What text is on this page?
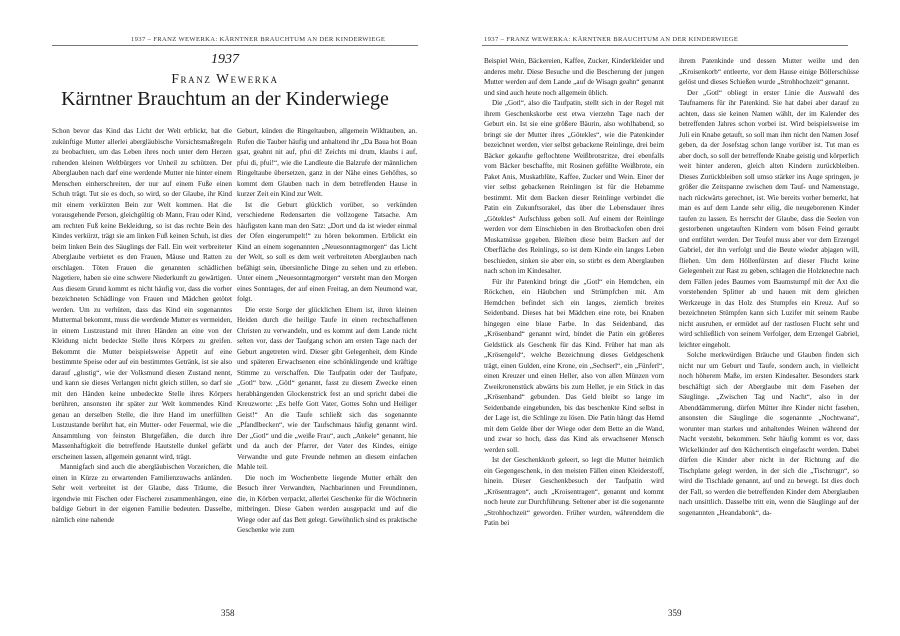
1937 – FRANZ WEWERKA: KÄRNTNER BRAUCHTUM AN DER KINDERWIEGE
1937
Franz Wewerka
Kärntner Brauchtum an der Kinderwiege

Schon bevor das Kind das Licht der Welt erblickt, hat die zukünftige Mutter allerlei abergläubische Vorsichtsmaßregeln zu beobachten, um das Leben ihres noch unter dem Herzen ruhenden kleinen Weltbürgers vor Unheil zu schützen. Der Aberglauben nach darf eine werdende Mutter nie hinter einem Menschen einherschreiten, der nur auf einem Fuße einen Schuh trägt. Tut sie es doch, so wird, so der Glaube, ihr Kind mit einem verkürzten Bein zur Welt kommen. Hat die vorausgehende Person, gleichgültig ob Mann, Frau oder Kind, am rechten Fuß keine Bekleidung, so ist das rechte Bein des Kindes verkürzt, trägt sie am linken Fuß keinen Schuh, ist dies beim linken Bein des Säuglings der Fall. Ein weit verbreiteter Aberglaube verbietet es den Frauen, Mäuse und Ratten zu erschlagen. Töten Frauen die genannten schädlichen Nagetiere, haben sie eine schwere Niederkunft zu gewärtigen. Aus diesem Grund kommt es nicht häufig vor, dass die vorher bezeichneten Schädlinge von Frauen und Mädchen getötet werden. Um zu verhüten, dass das Kind ein sogenanntes Muttermal bekommt, muss die werdende Mutter es vermeiden, in einem Lustzustand mit ihren Händen an eine von der Kleidung nicht bedeckte Stelle ihres Körpers zu greifen. Bekommt die Mutter beispielsweise Appetit auf eine bestimmte Speise oder auf ein bestimmtes Getränk, ist sie also darauf „glustig“, wie der Volksmund diesen Zustand nennt, und kann sie dieses Verlangen nicht gleich stillen, so darf sie mit den Händen keine unbedeckte Stelle ihres Körpers berühren, ansonsten ihr später zur Welt kommendes Kind genau an derselben Stelle, die ihre Hand im unerfüllten Lustzustande berührt hat, ein Mutter- oder Feuermal, wie die Ansammlung von feinsten Blutgefäßen, die durch ihre Massenhaftigkeit die betreffende Hautstelle dunkel gefärbt erscheinen lassen, allgemein genannt wird, trägt.

Mannigfach sind auch die abergläubischen Vorzeichen, die einen in Kürze zu erwartenden Familienzuwachs anländen. Sehr weit verbreitet ist der Glaube, dass Träume, die irgendwie mit Fischen oder Fischerei zusammenhängen, eine baldige Geburt in der eigenen Familie bedeuten. Dasselbe, nämlich eine nahende

Geburt, künden die Ringeltauben, allgemein Wildtauben, an. Rufen die Tauber häufig und anhaltend ihr „Da Baua hot Boan gsat, geahnt nit auf, pfui di! Zeichts mi drum, klaubs i auf, pfui di, pfui!“, wie die Landleute die Balzrufe der männlichen Ringeltaube übersetzen, ganz in der Nähe eines Gehöftes, so kommt dem Glauben nach in dem betreffenden Hause in kurzer Zeit ein Kind zur Welt.

Ist die Geburt glücklich vorüber, so verkünden verschiedene Redensarten die vollzogene Tatsache. Am häufigsten kann man den Satz: „Dort und da ist wieder einmal der Ofen eingerumpelt!“ zu hören bekommen. Erblickt ein Kind an einem sogenannten „Neuesonntagmorgen“ das Licht der Welt, so soll es dem weit verbreiteten Aberglauben nach befähigt sein, übersinnliche Dinge zu sehen und zu erleben. Unter einem „Neuesonntagmorgen“ versteht man den Morgen eines Sonntages, der auf einen Freitag, an dem Neumond war, folgt.

Die erste Sorge der glücklichen Eltern ist, ihren kleinen Heiden durch die heilige Taufe in einen rechtschaffenen Christen zu verwandeln, und es kommt auf dem Lande nicht selten vor, dass der Taufgang schon am ersten Tage nach der Geburt angetreten wird. Dieser gibt Gelegenheit, dem Kinde und späteren Erwachsenen eine schönklingende und kräftige Stimme zu verschaffen. Die Taufpatin oder der Taufpate, „Gotl“ bzw. „Götl“ genannt, fasst zu diesem Zwecke einen herabhängenden Glockenstrick fest an und spricht dabei die Kreuzworte: „Es helfe Gott Vater, Gottes Sohn und Heiliger Geist!“ An die Taufe schließt sich das sogenannte „Pfandlbecken“, wie der Taufschmaus häufig genannt wird. Der „Gotl“ und die „weiße Frau“, auch „Ankele“ genannt, hie und da auch der Pfarrer, der Vater des Kindes, einige Verwandte und gute Freunde nehmen an diesem einfachen Mahle teil.

Die noch im Wochenbette liegende Mutter erhält den Besuch ihrer Verwandten, Nachbarinnen und Freundinnen, die, in Körben verpackt, allerlei Geschenke für die Wöchnerin mitbringen. Diese Gaben werden ausgepackt und auf die Wiege oder auf das Bett gelegt. Gewöhnlich sind es praktische Geschenke wie zum

358
1937 – FRANZ WEWERKA: KÄRNTNER BRAUCHTUM AN DER KINDERWIEGE

Beispiel Wein, Bäckereien, Kaffee, Zucker, Kinderkleider und anderes mehr. Diese Besuche und die Bescherung der jungen Mutter werden auf dem Lande „auf de Wisagn geahn“ genannt und sind auch heute noch allgemein üblich.

Die „Gotl“, also die Taufpatin, stellt sich in der Regel mit ihrem Geschenkskorbe erst etwa vierzehn Tage nach der Geburt ein. Ist sie eine größere Bäurin, also wohlhabend, so bringt sie der Mutter ihres „Götekles“, wie die Patenkinder bezeichnet werden, vier selbst gebackene Reinlinge, drei beim Bäcker gekaufte geflochtene Weißbrotstritze, drei ebenfalls vom Bäcker beschaffte, mit Rosinen gefüllte Weißbrote, ein Paket Anis, Muskatblüte, Kaffee, Zucker und Wein. Einer der vier selbst gebackenen Reinlingen ist für die Hebamme bestimmt. Mit dem Backen dieser Reinlinge verbindet die Patin ein Zukunftsorakel, das über die Lebensdauer ihres „Götekles“ Aufschluss geben soll. Auf einem der Reinlinge werden vor dem Einschieben in den Brotbackofen oben drei Muskatnüsse gegeben. Bleiben diese beim Backen auf der Oberfläche des Reinlings, so ist dem Kinde ein langes Leben beschieden, sinken sie aber ein, so stirbt es dem Aberglauben nach schon im Kindesalter.

Für ihr Patenkind bringt die „Gotl“ ein Hemdchen, ein Röckchen, ein Häubchen und Strümpfchen mit. Am Hemdchen befindet sich ein langes, ziemlich breites Seidenband. Dieses hat bei Mädchen eine rote, bei Knaben hingegen eine blaue Farbe. In das Seidenband, das „Krösenband“ genannt wird, bindet die Patin ein größeres Geldstück als Geschenk für das Kind. Früher hat man als „Krösengeld“, welche Bezeichnung dieses Geldgeschenk trägt, einen Gulden, eine Krone, ein „Sechserl“, ein „Fünferl“, einen Kreuzer und einen Heller, also von allen Münzen vom Zweikronenstück abwärts bis zum Heller, je ein Stück in das „Krösenband“ gebunden. Das Geld bleibt so lange im Seidenbande eingebunden, bis das beschenkte Kind selbst in der Lage ist, die Schlinge zu lösen. Die Patin hängt das Hemd mit dem Gelde über der Wiege oder dem Bette an die Wand, und zwar so hoch, dass das Kind als erwachsener Mensch werden soll.

Ist der Geschenkkorb geleert, so legt die Mutter heimlich ein Gegengeschenk, in den meisten Fällen einen Kleiderstoff, hinein. Dieser Geschenkbesuch der Taufpatin wird „Krösentragen“, auch „Kroisentragen“, genannt und kommt noch heute zur Durchführung. Seltener aber ist die sogenannte „Strohhochzeit“ geworden. Früher wurden, währenddem die Patin bei

ihrem Patenkinde und dessen Mutter weilte und den „Kroisenkorb“ entleerte, vor dem Hause einige Böllerschüsse gelöst und dieses Schießen wurde „Strohhochzeit“ genannt.

Der „Gotl“ obliegt in erster Linie die Auswahl des Taufnamens für ihr Patenkind. Sie hat dabei aber darauf zu achten, dass sie keinen Namen wählt, der im Kalender des betreffenden Jahres schon vorbei ist. Wird beispielsweise im Juli ein Knabe getauft, so soll man ihm nicht den Namen Josef geben, da der Josefstag schon lange vorüber ist. Tut man es aber doch, so soll der betreffende Knabe geistig und körperlich weit hinter anderen, gleich alten Kindern zurückbleiben. Dieses Zurückbleiben soll umso stärker ins Auge springen, je größer die Zeitspanne zwischen dem Tauf- und Namenstage, nach rückwärts gerechnet, ist. Wie bereits vorher bemerkt, hat man es auf dem Lande sehr eilig, die neugeborenen Kinder taufen zu lassen. Es herrscht der Glaube, dass die Seelen von gestorbenen ungetauften Kindern vom bösen Feind geraubt und entführt werden. Der Teufel muss aber vor dem Erzengel Gabriel, der ihn verfolgt und die Beute wieder abjagen will, fliehen. Um dem Höllenfürsten auf dieser Flucht keine Gelegenheit zur Rast zu geben, schlagen die Holzknechte nach dem Fällen jedes Baumes vom Baumstumpf mit der Axt die vorstehenden Splitter ab und hauen mit dem gleichen Werkzeuge in das Holz des Stumpfes ein Kreuz. Auf so bezeichneten Stümpfen kann sich Luzifer mit seinem Raube nicht ausruhen, er ermüdet auf der rastlosen Flucht sehr und wird schließlich von seinem Verfolger, dem Erzengel Gabriel, leichter eingeholt.

Solche merkwürdigen Bräuche und Glauben finden sich nicht nur um Geburt und Taufe, sondern auch, in vielleicht noch höherem Maße, im ersten Kindesalter. Besonders stark beschäftigt sich der Aberglaube mit dem Fasehen der Säuglinge. „Zwischen Tag und Nacht“, also in der Abenddämmerung, dürfen Mütter ihre Kinder nicht fasehen, ansonsten die Säuglinge die sogenannte „Nochtwana“, worunter man starkes und anhaltendes Weinen während der Nacht versteht, bekommen. Sehr häufig kommt es vor, dass Wickelkinder auf den Küchentisch eingefascht werden. Dabei dürfen die Kinder aber nicht in der Richtung auf die Tischplatte gelegt werden, in der sich die „Tischtrugn“, so wird die Tischlade genannt, auf und zu bewegt. Ist dies doch der Fall, so werden die betreffenden Kinder dem Aberglauben nach unsittlich. Dasselbe tritt ein, wenn die Säuglinge auf der sogenannten „Heandabonk“, da-

359
